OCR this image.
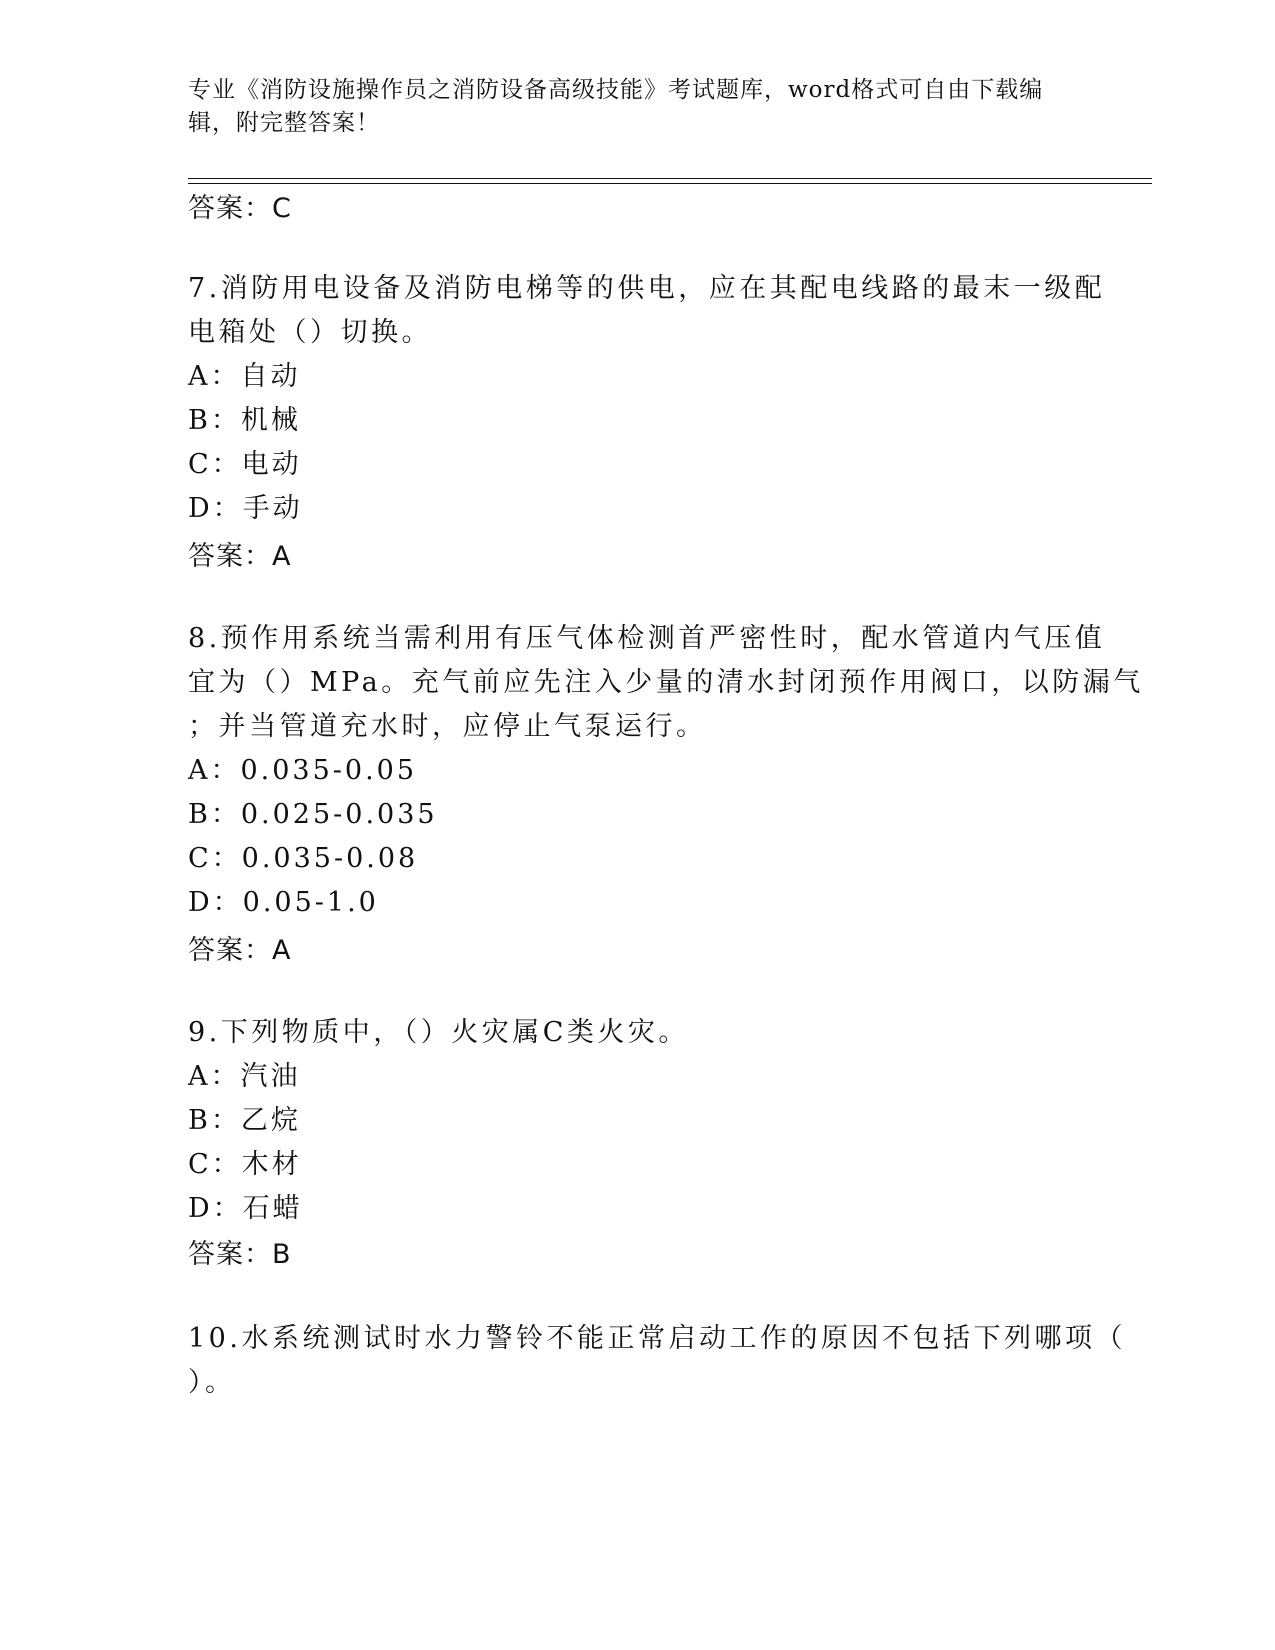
专业《消防设施操作员之消防设备高级技能》考试题库，word格式可自由下载编
辑，附完整答案！
答案：C
7.消防用电设备及消防电梯等的供电，应在其配电线路的最末一级配
电箱处（）切换。
A：自动
B：机械
C：电动
D：手动
答案：A
8.预作用系统当需利用有压气体检测首严密性时，配水管道内气压值
宜为（）MPa。充气前应先注入少量的清水封闭预作用阀口，以防漏气
；并当管道充水时，应停止气泵运行。
A：0.035-0.05
B：0.025-0.035
C：0.035-0.08
D：0.05-1.0
答案：A
9.下列物质中，（）火灾属C类火灾。
A：汽油
B：乙烷
C：木材
D：石蜡
答案：B
10.水系统测试时水力警铃不能正常启动工作的原因不包括下列哪项（
）。
